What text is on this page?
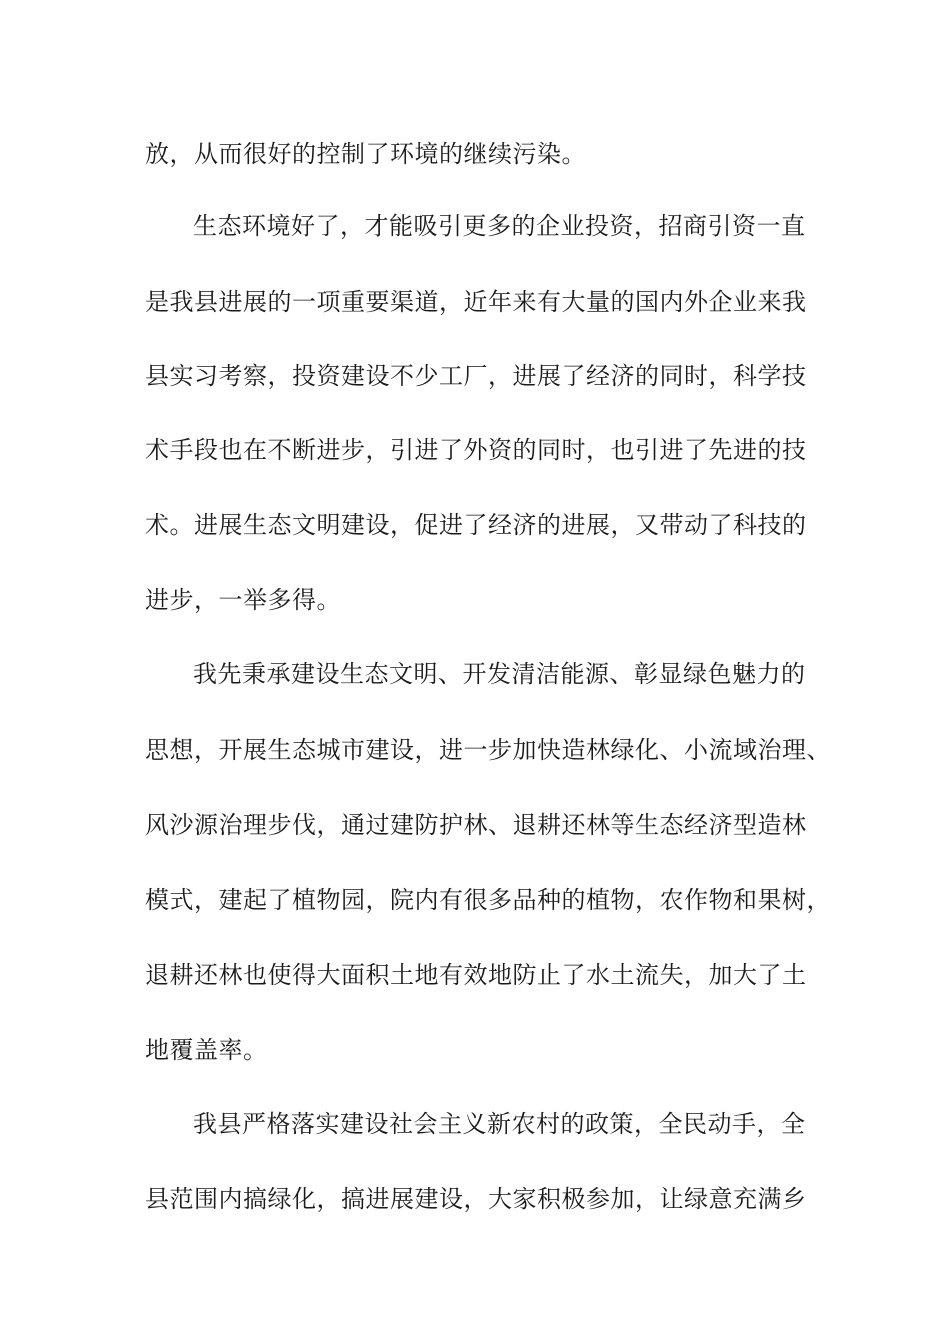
放，从而很好的控制了环境的继续污染。
生态环境好了，才能吸引更多的企业投资，招商引资一直
是我县进展的一项重要渠道，近年来有大量的国内外企业来我
县实习考察，投资建设不少工厂，进展了经济的同时，科学技
术手段也在不断进步，引进了外资的同时，也引进了先进的技
术。进展生态文明建设，促进了经济的进展，又带动了科技的
进步，一举多得。
我先秉承建设生态文明、开发清洁能源、彰显绿色魅力的
思想，开展生态城市建设，进一步加快造林绿化、小流域治理、
风沙源治理步伐，通过建防护林、退耕还林等生态经济型造林
模式，建起了植物园，院内有很多品种的植物，农作物和果树，
退耕还林也使得大面积土地有效地防止了水土流失，加大了土
地覆盖率。
我县严格落实建设社会主义新农村的政策，全民动手，全
县范围内搞绿化，搞进展建设，大家积极参加，让绿意充满乡
